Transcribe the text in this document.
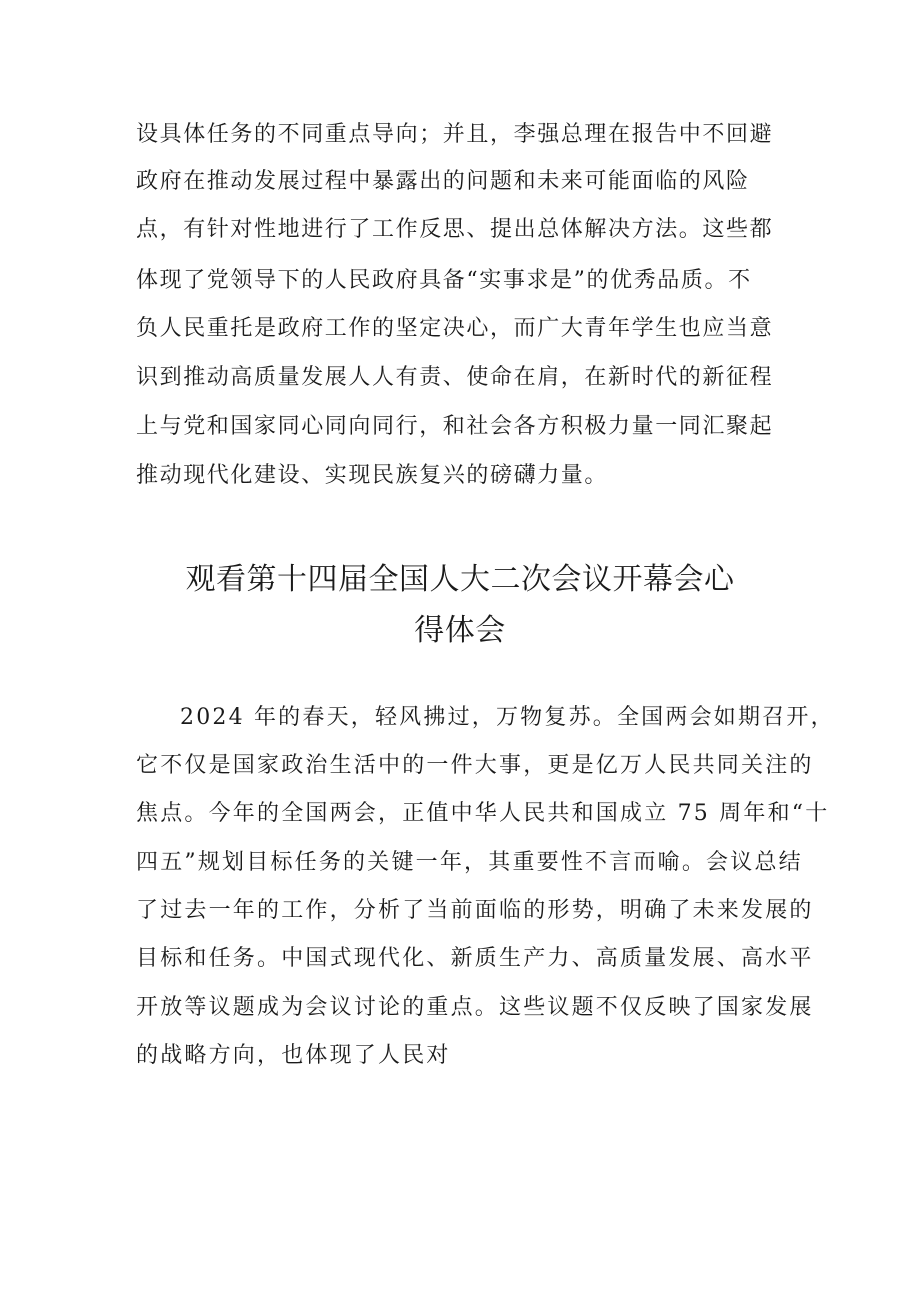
设具体任务的不同重点导向；并且，李强总理在报告中不回避
政府在推动发展过程中暴露出的问题和未来可能面临的风险
点，有针对性地进行了工作反思、提出总体解决方法。这些都
体现了党领导下的人民政府具备“实事求是”的优秀品质。不
负人民重托是政府工作的坚定决心，而广大青年学生也应当意
识到推动高质量发展人人有责、使命在肩，在新时代的新征程
上与党和国家同心同向同行，和社会各方积极力量一同汇聚起
推动现代化建设、实现民族复兴的磅礴力量。
观看第十四届全国人大二次会议开幕会心
得体会
2024 年的春天，轻风拂过，万物复苏。全国两会如期召开，
它不仅是国家政治生活中的一件大事，更是亿万人民共同关注的
焦点。今年的全国两会，正值中华人民共和国成立 75 周年和“十
四五”规划目标任务的关键一年，其重要性不言而喻。会议总结
了过去一年的工作，分析了当前面临的形势，明确了未来发展的
目标和任务。中国式现代化、新质生产力、高质量发展、高水平
开放等议题成为会议讨论的重点。这些议题不仅反映了国家发展
的战略方向，也体现了人民对
